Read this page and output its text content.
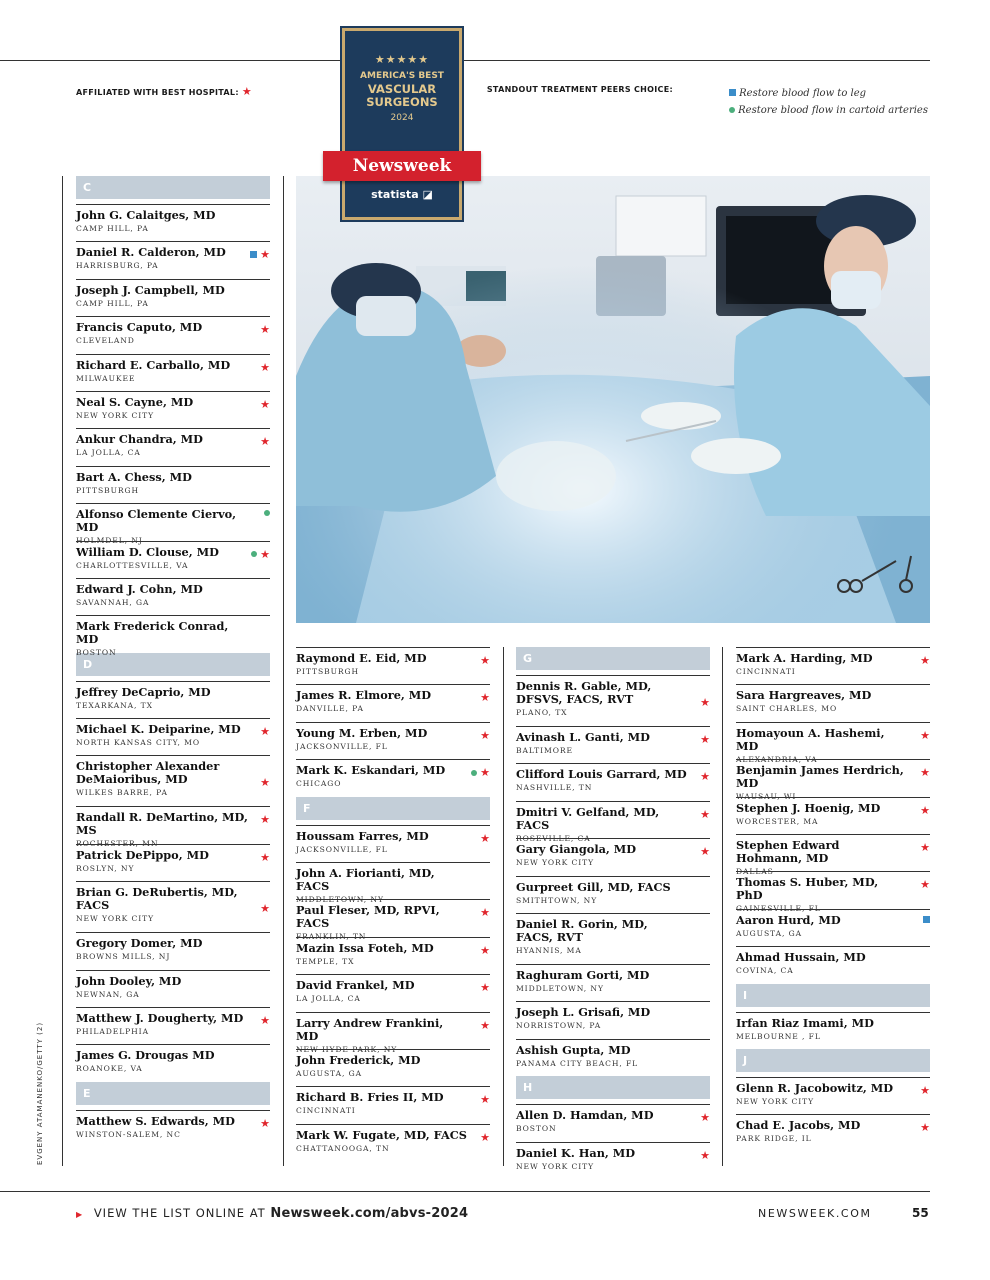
AFFILIATED WITH BEST HOSPITAL: ★	STANDOUT TREATMENT PEERS CHOICE:	Restore blood flow to leg
Restore blood flow in cartoid arteries
★★★★★
AMERICA'S BEST
VASCULAR
SURGEONS
2024
Newsweek
statista ◪
C
John G. Calaitges, MD
CAMP HILL, PA
Daniel R. Calderon, MD
HARRISBURG, PA
★
Joseph J. Campbell, MD
CAMP HILL, PA
Francis Caputo, MD
CLEVELAND
★
Richard E. Carballo, MD
MILWAUKEE
★
Neal S. Cayne, MD
NEW YORK CITY
★
Ankur Chandra, MD
LA JOLLA, CA
★
Bart A. Chess, MD
PITTSBURGH
Alfonso Clemente Ciervo, MD
HOLMDEL, NJ
William D. Clouse, MD
CHARLOTTESVILLE, VA
★
Edward J. Cohn, MD
SAVANNAH, GA
Mark Frederick Conrad, MD
BOSTON
D
Jeffrey DeCaprio, MD
TEXARKANA, TX
Michael K. Deiparine, MD
NORTH KANSAS CITY, MO
★
Christopher Alexander DeMaioribus, MD
WILKES BARRE, PA
★
Randall R. DeMartino, MD, MS
ROCHESTER, MN
★
Patrick DePippo, MD
ROSLYN, NY
★
Brian G. DeRubertis, MD, FACS
NEW YORK CITY
★
Gregory Domer, MD
BROWNS MILLS, NJ
John Dooley, MD
NEWNAN, GA
Matthew J. Dougherty, MD
PHILADELPHIA
★
James G. Drougas MD
ROANOKE, VA
E
Matthew S. Edwards, MD
WINSTON-SALEM, NC
★
Raymond E. Eid, MD
PITTSBURGH
★
James R. Elmore, MD
DANVILLE, PA
★
Young M. Erben, MD
JACKSONVILLE, FL
★
Mark K. Eskandari, MD
CHICAGO
★
F
Houssam Farres, MD
JACKSONVILLE, FL
★
John A. Fiorianti, MD, FACS
MIDDLETOWN, NY
Paul Fleser, MD, RPVI, FACS
FRANKLIN, TN
★
Mazin Issa Foteh, MD
TEMPLE, TX
★
David Frankel, MD
LA JOLLA, CA
★
Larry Andrew Frankini, MD
NEW HYDE PARK, NY
★
John Frederick, MD
AUGUSTA, GA
Richard B. Fries II, MD
CINCINNATI
★
Mark W. Fugate, MD, FACS
CHATTANOOGA, TN
★
G
Dennis R. Gable, MD, DFSVS, FACS, RVT
PLANO, TX
★
Avinash L. Ganti, MD
BALTIMORE
★
Clifford Louis Garrard, MD
NASHVILLE, TN
★
Dmitri V. Gelfand, MD, FACS
ROSEVILLE, CA
★
Gary Giangola, MD
NEW YORK CITY
★
Gurpreet Gill, MD, FACS
SMITHTOWN, NY
Daniel R. Gorin, MD, FACS, RVT
HYANNIS, MA
Raghuram Gorti, MD
MIDDLETOWN, NY
Joseph L. Grisafi, MD
NORRISTOWN, PA
Ashish Gupta, MD
PANAMA CITY BEACH, FL
H
Allen D. Hamdan, MD
BOSTON
★
Daniel K. Han, MD
NEW YORK CITY
★
Mark A. Harding, MD
CINCINNATI
★
Sara Hargreaves, MD
SAINT CHARLES, MO
Homayoun A. Hashemi, MD
ALEXANDRIA, VA
★
Benjamin James Herdrich, MD
WAUSAU, WI
★
Stephen J. Hoenig, MD
WORCESTER, MA
★
Stephen Edward Hohmann, MD
DALLAS
★
Thomas S. Huber, MD, PhD
GAINESVILLE, FL
★
Aaron Hurd, MD
AUGUSTA, GA
Ahmad Hussain, MD
COVINA, CA
I
Irfan Riaz Imami, MD
MELBOURNE , FL
J
Glenn R. Jacobowitz, MD
NEW YORK CITY
★
Chad E. Jacobs, MD
PARK RIDGE, IL
★
EVGENY ATAMANENKO/GETTY (2)
▶ VIEW THE LIST ONLINE AT Newsweek.com/abvs-2024	NEWSWEEK.COM	55
